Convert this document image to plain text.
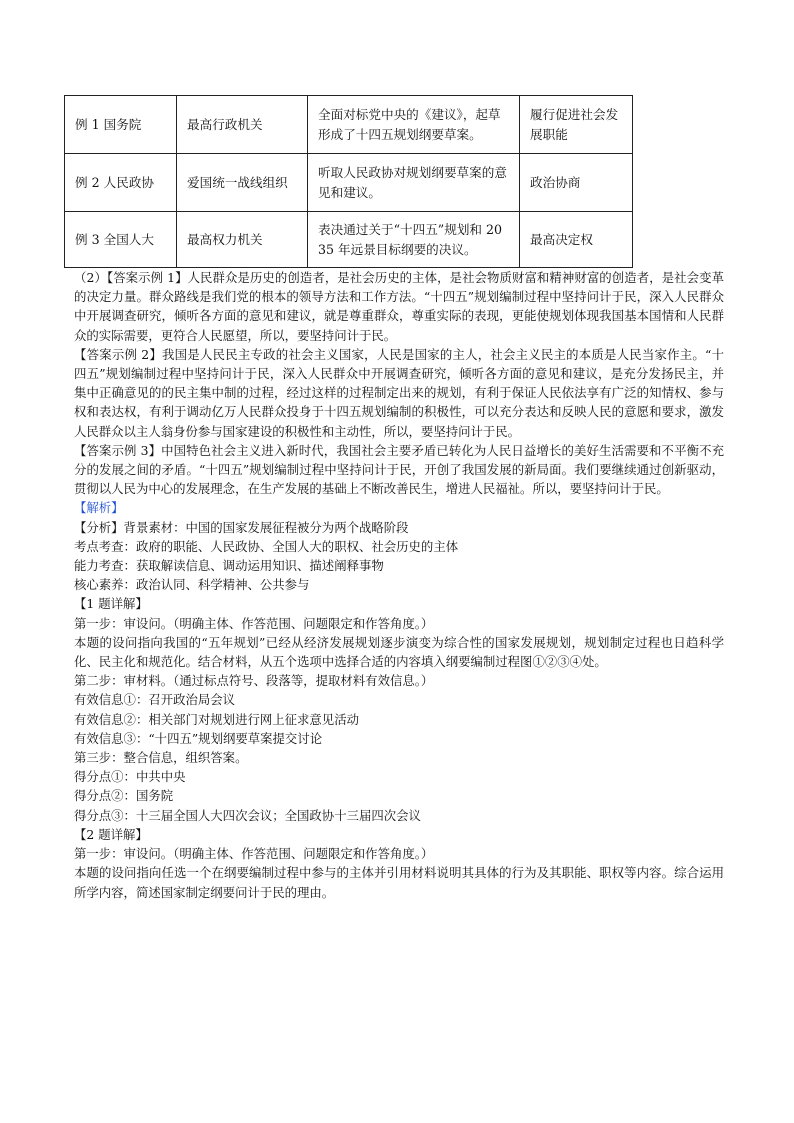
例 1 国务院	最高行政机关	全面对标党中央的《建议》，起草形成了十四五规划纲要草案。	履行促进社会发展职能
例 2 人民政协	爱国统一战线组织	听取人民政协对规划纲要草案的意见和建议。	政治协商
例 3 全国人大	最高权力机关	表决通过关于“十四五”规划和 2035 年远景目标纲要的决议。	最高决定权

（2）【答案示例 1】人民群众是历史的创造者，是社会历史的主体，是社会物质财富和精神财富的创造者，是社会变革的决定力量。群众路线是我们党的根本的领导方法和工作方法。“十四五”规划编制过程中坚持问计于民，深入人民群众中开展调查研究，倾听各方面的意见和建议，就是尊重群众，尊重实际的表现，更能使规划体现我国基本国情和人民群众的实际需要，更符合人民愿望，所以，要坚持问计于民。

【答案示例 2】我国是人民民主专政的社会主义国家，人民是国家的主人，社会主义民主的本质是人民当家作主。“十四五”规划编制过程中坚持问计于民，深入人民群众中开展调查研究，倾听各方面的意见和建议，是充分发扬民主，并集中正确意见的的民主集中制的过程，经过这样的过程制定出来的规划，有利于保证人民依法享有广泛的知情权、参与权和表达权，有利于调动亿万人民群众投身于十四五规划编制的积极性，可以充分表达和反映人民的意愿和要求，激发人民群众以主人翁身份参与国家建设的积极性和主动性，所以，要坚持问计于民。

【答案示例 3】中国特色社会主义进入新时代，我国社会主要矛盾已转化为人民日益增长的美好生活需要和不平衡不充分的发展之间的矛盾。“十四五”规划编制过程中坚持问计于民，开创了我国发展的新局面。我们要继续通过创新驱动，贯彻以人民为中心的发展理念，在生产发展的基础上不断改善民生，增进人民福祉。所以，要坚持问计于民。

【解析】

【分析】背景素材：中国的国家发展征程被分为两个战略阶段

考点考查：政府的职能、人民政协、全国人大的职权、社会历史的主体

能力考查：获取解读信息、调动运用知识、描述阐释事物

核心素养：政治认同、科学精神、公共参与

【1 题详解】

第一步：审设问。（明确主体、作答范围、问题限定和作答角度。）

本题的设问指向我国的“五年规划”已经从经济发展规划逐步演变为综合性的国家发展规划，规划制定过程也日趋科学化、民主化和规范化。结合材料，从五个选项中选择合适的内容填入纲要编制过程图①②③④处。

第二步：审材料。（通过标点符号、段落等，提取材料有效信息。）

有效信息①：召开政治局会议

有效信息②：相关部门对规划进行网上征求意见活动

有效信息③：“十四五”规划纲要草案提交讨论

第三步：整合信息，组织答案。

得分点①：中共中央

得分点②：国务院

得分点③：十三届全国人大四次会议；全国政协十三届四次会议

【2 题详解】

第一步：审设问。（明确主体、作答范围、问题限定和作答角度。）

本题的设问指向任选一个在纲要编制过程中参与的主体并引用材料说明其具体的行为及其职能、职权等内容。综合运用所学内容，简述国家制定纲要问计于民的理由。
